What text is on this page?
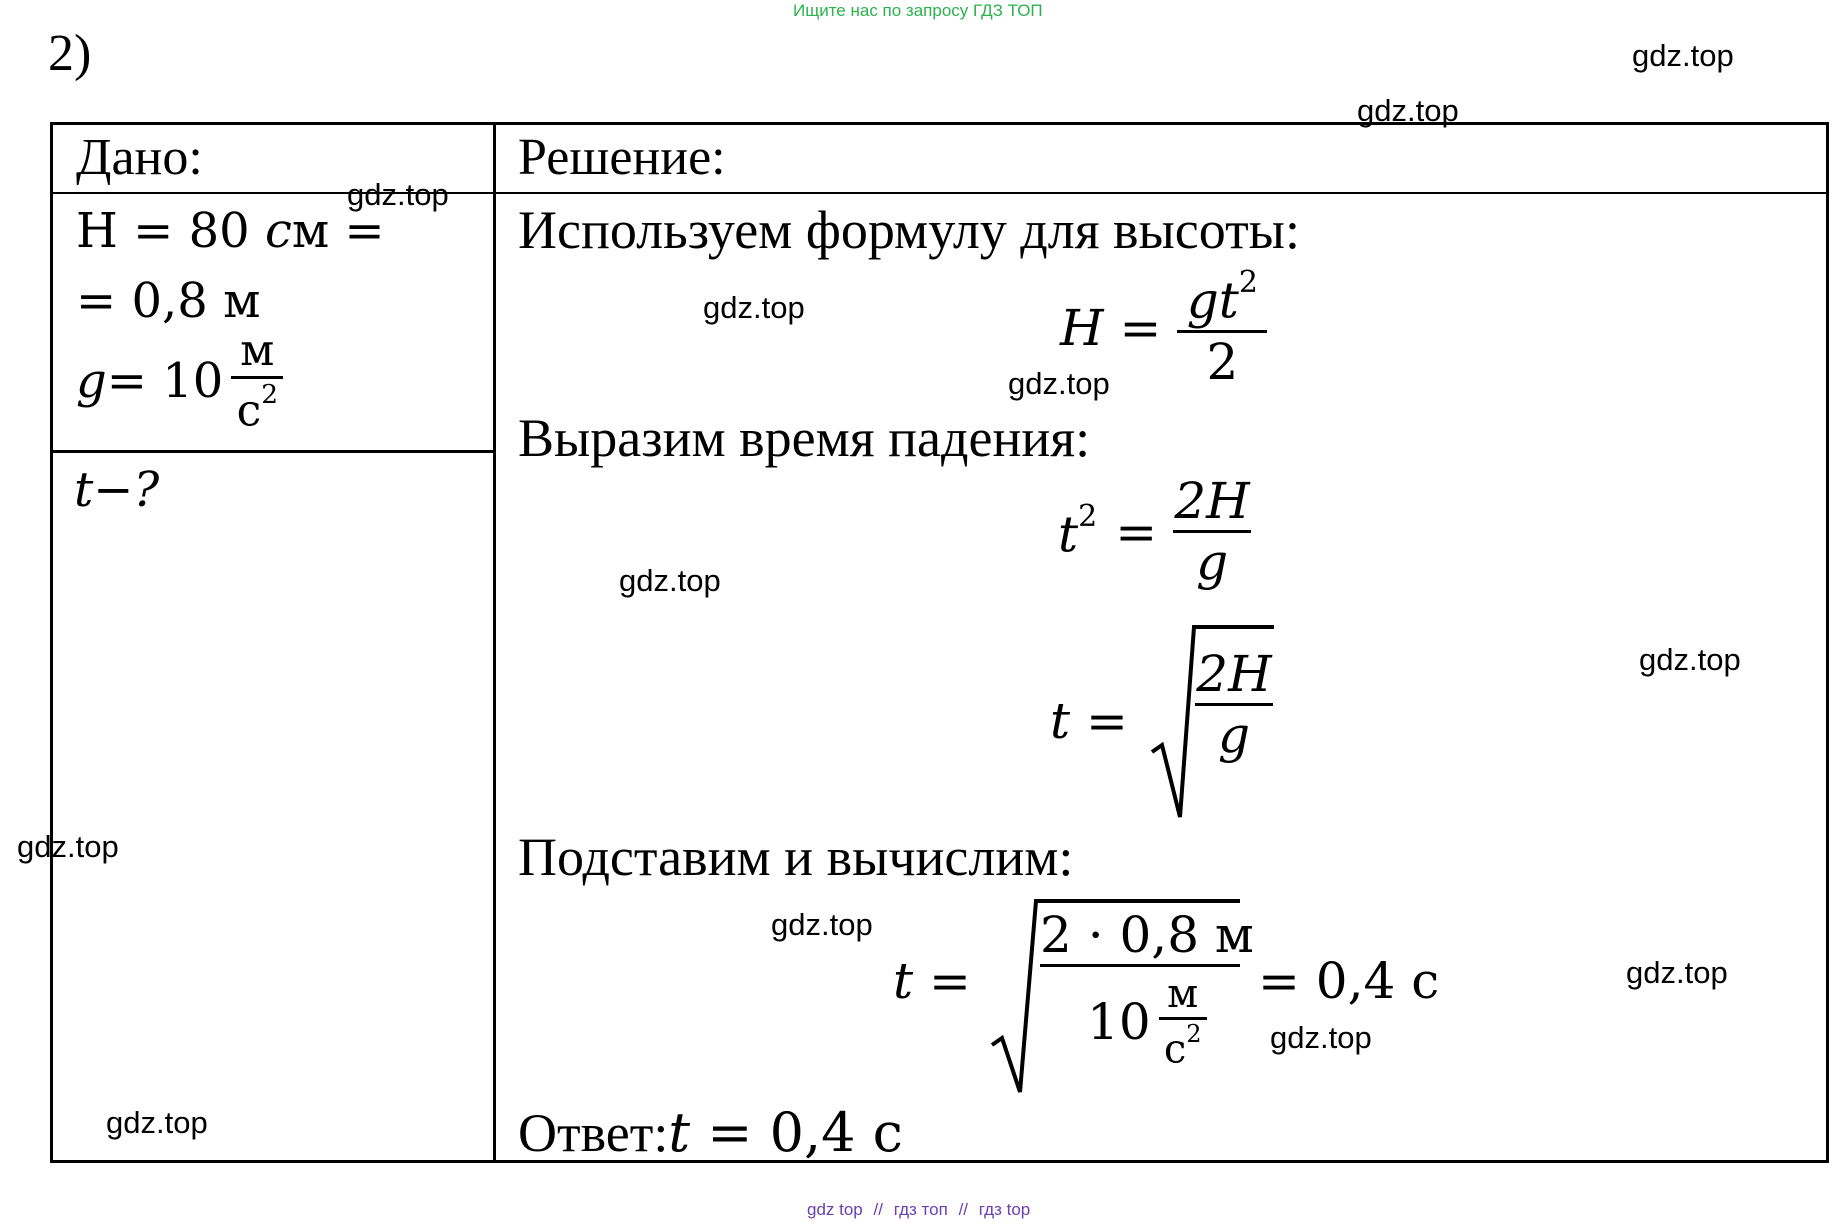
Ищите нас по запросу ГДЗ ТОП
2)
Дано:	Решение:
H = 80 см =
= 0,8 м
$g = 10 \frac{м}{с^2}$
t−?
Используем формулу для высоты:
$H = \frac{gt^2}{2}$
Выразим время падения:
$t^2 = \frac{2H}{g}$
$t = \frac{2H}{g}$
Подставим и вычислим:
$t = \frac{2 \cdot 0,8 м}{10 \frac{м}{с^2}} = 0,4$ с
Ответ:t = 0,4 с
gdz.top
gdz.top
gdz.top
gdz.top
gdz.top
gdz.top
gdz.top
gdz.top
gdz.top
gdz.top
gdz.top
gdz.top
gdz top // гдз топ // гдз top
